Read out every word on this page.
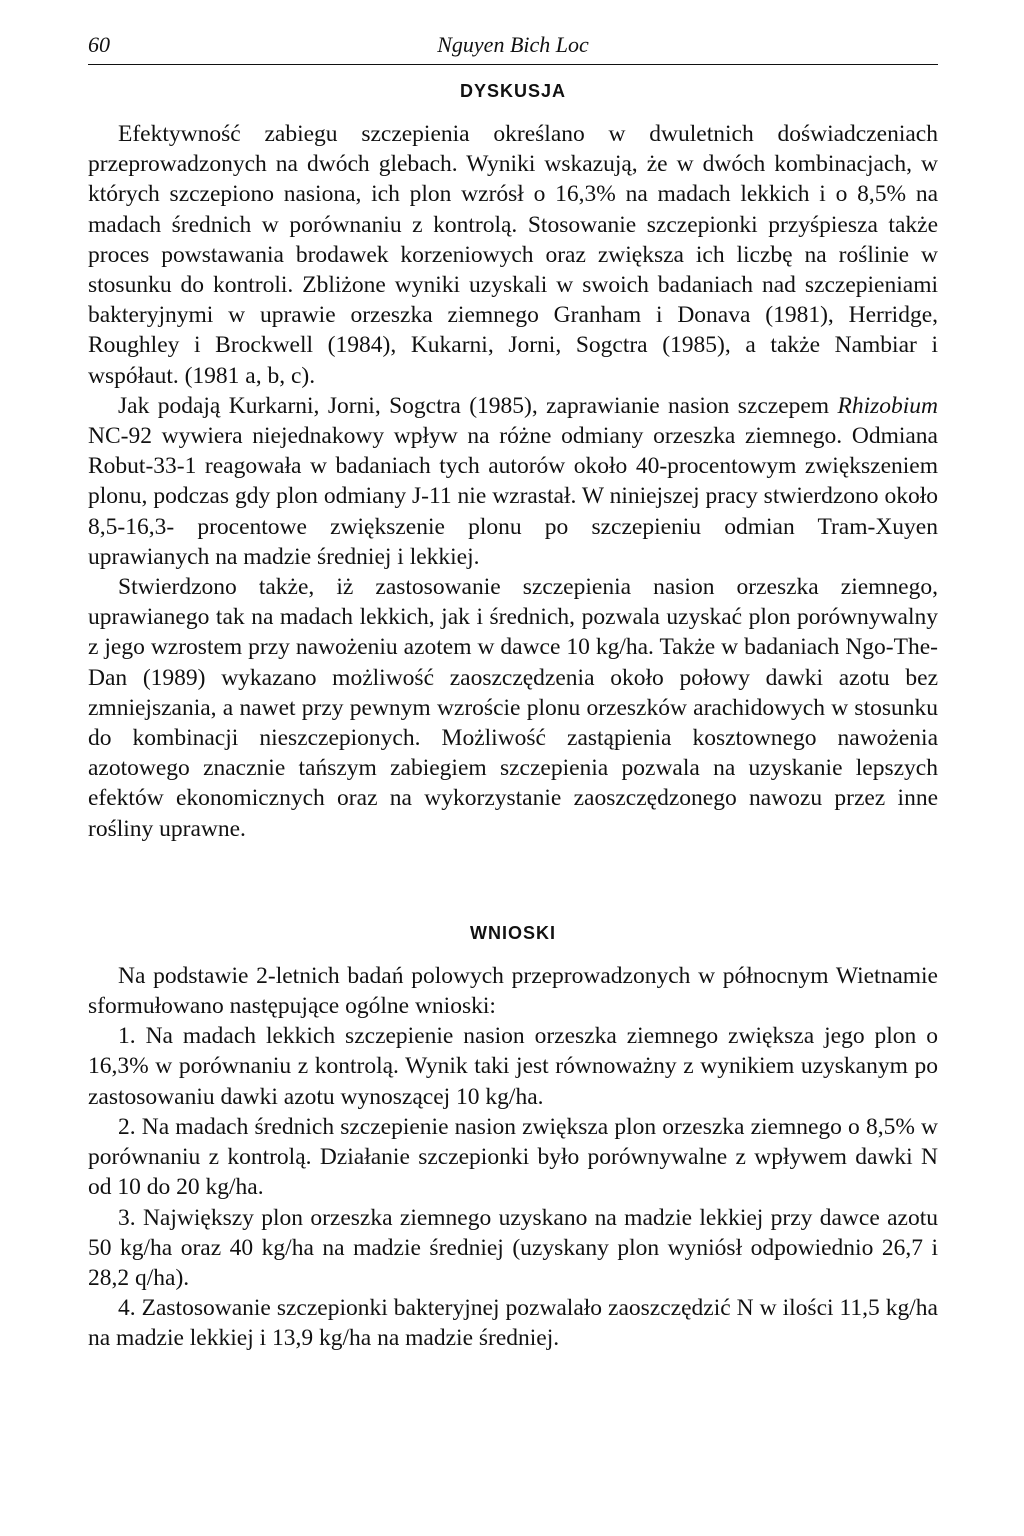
60	Nguyen Bich Loc
DYSKUSJA

Efektywność zabiegu szczepienia określano w dwuletnich doświadczeniach przeprowadzonych na dwóch glebach. Wyniki wskazują, że w dwóch kombinacjach, w których szczepiono nasiona, ich plon wzrósł o 16,3% na madach lekkich i o 8,5% na madach średnich w porównaniu z kontrolą. Stosowanie szczepionki przyśpiesza także proces powstawania brodawek korzeniowych oraz zwiększa ich liczbę na roślinie w stosunku do kontroli. Zbliżone wyniki uzyskali w swoich badaniach nad szczepieniami bakteryjnymi w uprawie orzeszka ziemnego Granham i Donava (1981), Herridge, Roughley i Brockwell (1984), Kukarni, Jorni, Sogctra (1985), a także Nambiar i współaut. (1981 a, b, c).

Jak podają Kurkarni, Jorni, Sogctra (1985), zaprawianie nasion szczepem Rhizobium NC-92 wywiera niejednakowy wpływ na różne odmiany orzeszka ziemnego. Odmiana Robut-33-1 reagowała w badaniach tych autorów około 40-procentowym zwiększeniem plonu, podczas gdy plon odmiany J-11 nie wzrastał. W niniejszej pracy stwierdzono około 8,5-16,3- procentowe zwiększenie plonu po szczepieniu odmian Tram-Xuyen uprawianych na madzie średniej i lekkiej.

Stwierdzono także, iż zastosowanie szczepienia nasion orzeszka ziemnego, uprawianego tak na madach lekkich, jak i średnich, pozwala uzyskać plon porównywalny z jego wzrostem przy nawożeniu azotem w dawce 10 kg/ha. Także w badaniach Ngo-The-Dan (1989) wykazano możliwość zaoszczędzenia około połowy dawki azotu bez zmniejszania, a nawet przy pewnym wzroście plonu orzeszków arachidowych w stosunku do kombinacji nieszczepionych. Możliwość zastąpienia kosztownego nawożenia azotowego znacznie tańszym zabiegiem szczepienia pozwala na uzyskanie lepszych efektów ekonomicznych oraz na wykorzystanie zaoszczędzonego nawozu przez inne rośliny uprawne.

WNIOSKI

Na podstawie 2-letnich badań polowych przeprowadzonych w północnym Wietnamie sformułowano następujące ogólne wnioski:

1. Na madach lekkich szczepienie nasion orzeszka ziemnego zwiększa jego plon o 16,3% w porównaniu z kontrolą. Wynik taki jest równoważny z wynikiem uzyskanym po zastosowaniu dawki azotu wynoszącej 10 kg/ha.

2. Na madach średnich szczepienie nasion zwiększa plon orzeszka ziemnego o 8,5% w porównaniu z kontrolą. Działanie szczepionki było porównywalne z wpływem dawki N od 10 do 20 kg/ha.

3. Największy plon orzeszka ziemnego uzyskano na madzie lekkiej przy dawce azotu 50 kg/ha oraz 40 kg/ha na madzie średniej (uzyskany plon wyniósł odpowiednio 26,7 i 28,2 q/ha).

4. Zastosowanie szczepionki bakteryjnej pozwalało zaoszczędzić N w ilości 11,5 kg/ha na madzie lekkiej i 13,9 kg/ha na madzie średniej.
